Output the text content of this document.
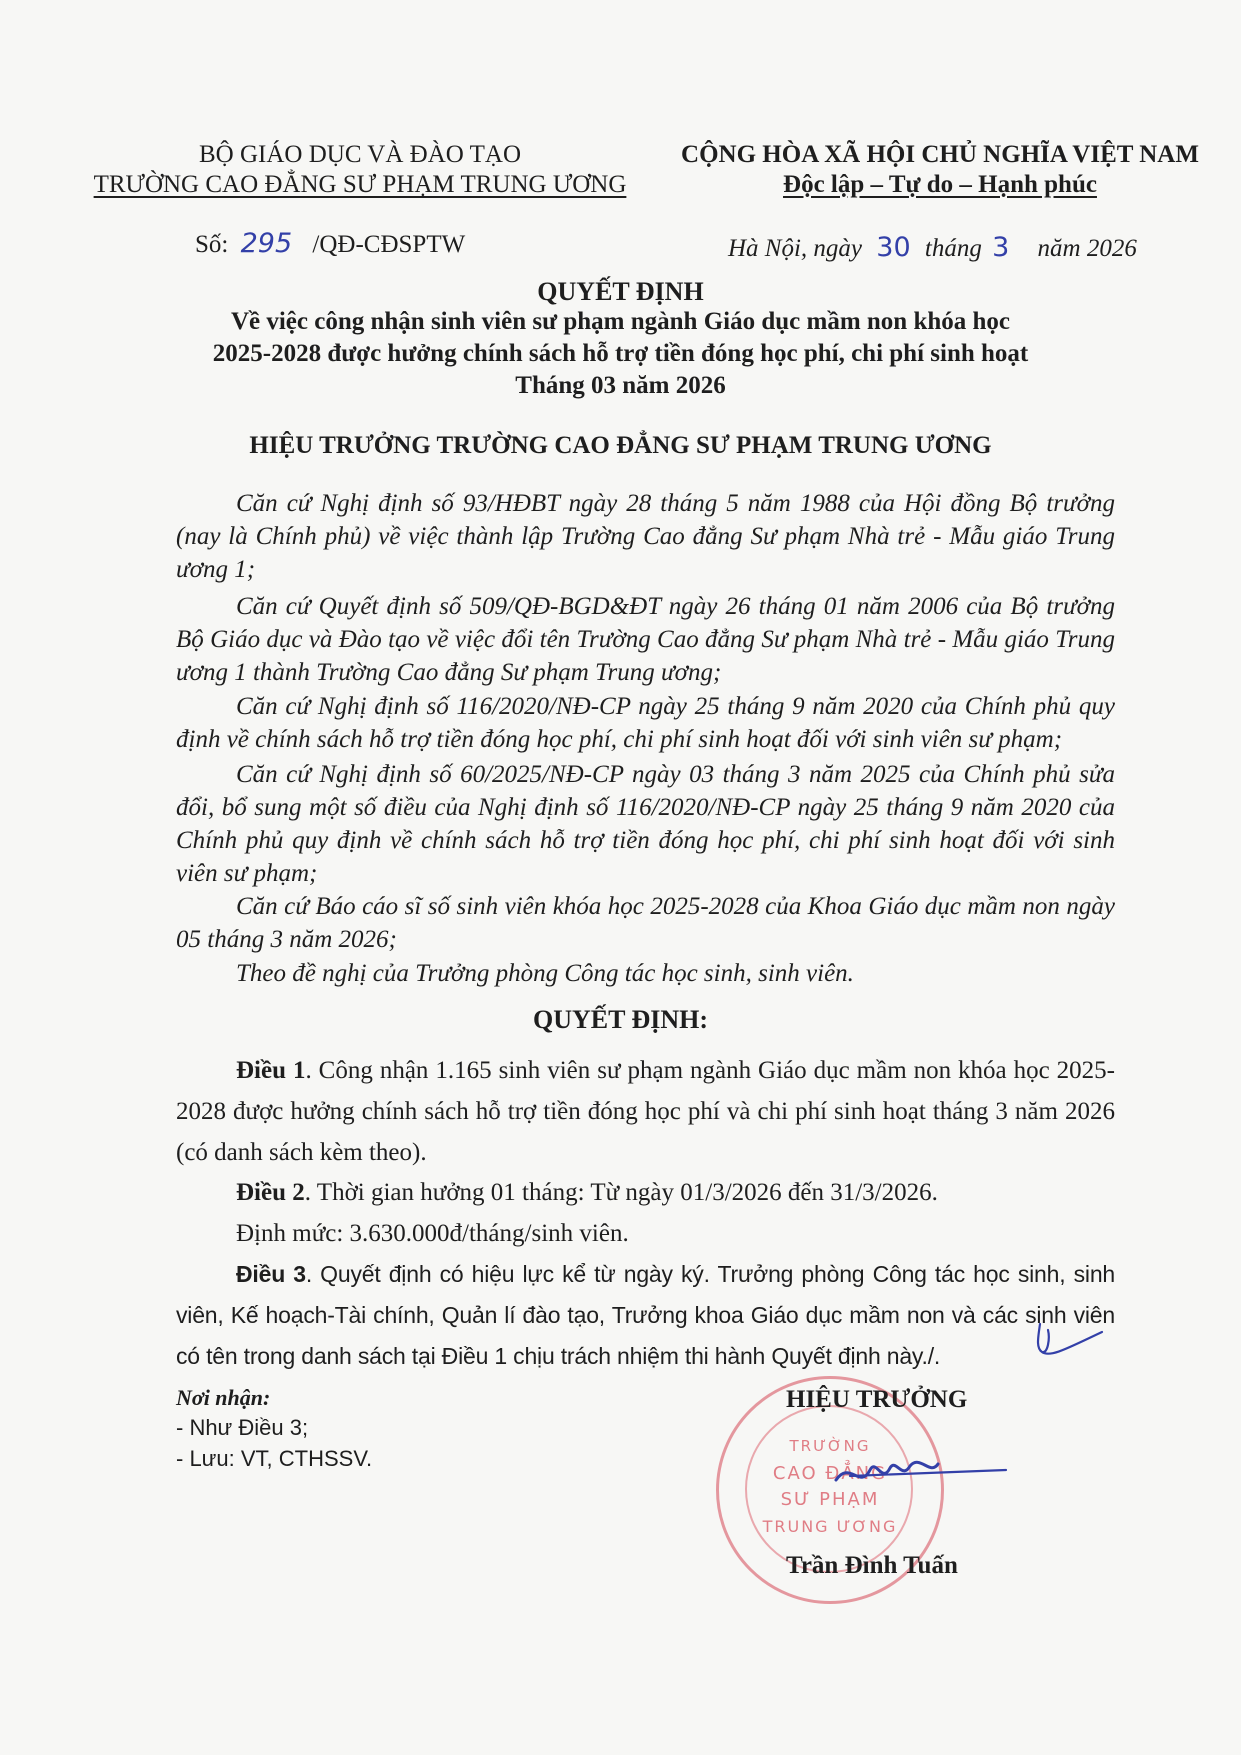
BỘ GIÁO DỤC VÀ ĐÀO TẠO
TRƯỜNG CAO ĐẲNG SƯ PHẠM TRUNG ƯƠNG
CỘNG HÒA XÃ HỘI CHỦ NGHĨA VIỆT NAM
Độc lập – Tự do – Hạnh phúc
Số: 295 /QĐ-CĐSPTW	Hà Nội, ngày 30 tháng 3 năm 2026
QUYẾT ĐỊNH
Về việc công nhận sinh viên sư phạm ngành Giáo dục mầm non khóa học
2025-2028 được hưởng chính sách hỗ trợ tiền đóng học phí, chi phí sinh hoạt
Tháng 03 năm 2026
HIỆU TRƯỞNG TRƯỜNG CAO ĐẲNG SƯ PHẠM TRUNG ƯƠNG
Căn cứ Nghị định số 93/HĐBT ngày 28 tháng 5 năm 1988 của Hội đồng Bộ trưởng (nay là Chính phủ) về việc thành lập Trường Cao đẳng Sư phạm Nhà trẻ - Mẫu giáo Trung ương 1;
Căn cứ Quyết định số 509/QĐ-BGD&ĐT ngày 26 tháng 01 năm 2006 của Bộ trưởng Bộ Giáo dục và Đào tạo về việc đổi tên Trường Cao đẳng Sư phạm Nhà trẻ - Mẫu giáo Trung ương 1 thành Trường Cao đẳng Sư phạm Trung ương;
Căn cứ Nghị định số 116/2020/NĐ-CP ngày 25 tháng 9 năm 2020 của Chính phủ quy định về chính sách hỗ trợ tiền đóng học phí, chi phí sinh hoạt đối với sinh viên sư phạm;
Căn cứ Nghị định số 60/2025/NĐ-CP ngày 03 tháng 3 năm 2025 của Chính phủ sửa đổi, bổ sung một số điều của Nghị định số 116/2020/NĐ-CP ngày 25 tháng 9 năm 2020 của Chính phủ quy định về chính sách hỗ trợ tiền đóng học phí, chi phí sinh hoạt đối với sinh viên sư phạm;
Căn cứ Báo cáo sĩ số sinh viên khóa học 2025-2028 của Khoa Giáo dục mầm non ngày 05 tháng 3 năm 2026;
Theo đề nghị của Trưởng phòng Công tác học sinh, sinh viên.
QUYẾT ĐỊNH:
Điều 1. Công nhận 1.165 sinh viên sư phạm ngành Giáo dục mầm non khóa học 2025-2028 được hưởng chính sách hỗ trợ tiền đóng học phí và chi phí sinh hoạt tháng 3 năm 2026 (có danh sách kèm theo).
Điều 2. Thời gian hưởng 01 tháng: Từ ngày 01/3/2026 đến 31/3/2026.
Định mức: 3.630.000đ/tháng/sinh viên.
Điều 3. Quyết định có hiệu lực kể từ ngày ký. Trưởng phòng Công tác học sinh, sinh viên, Kế hoạch-Tài chính, Quản lí đào tạo, Trưởng khoa Giáo dục mầm non và các sinh viên có tên trong danh sách tại Điều 1 chịu trách nhiệm thi hành Quyết định này./.
Nơi nhận:
- Như Điều 3;
- Lưu: VT, CTHSSV.	TRƯỜNG
CAO ĐẲNG
SƯ PHẠM
TRUNG ƯƠNG
HIỆU TRƯỞNG
Trần Đình Tuấn
